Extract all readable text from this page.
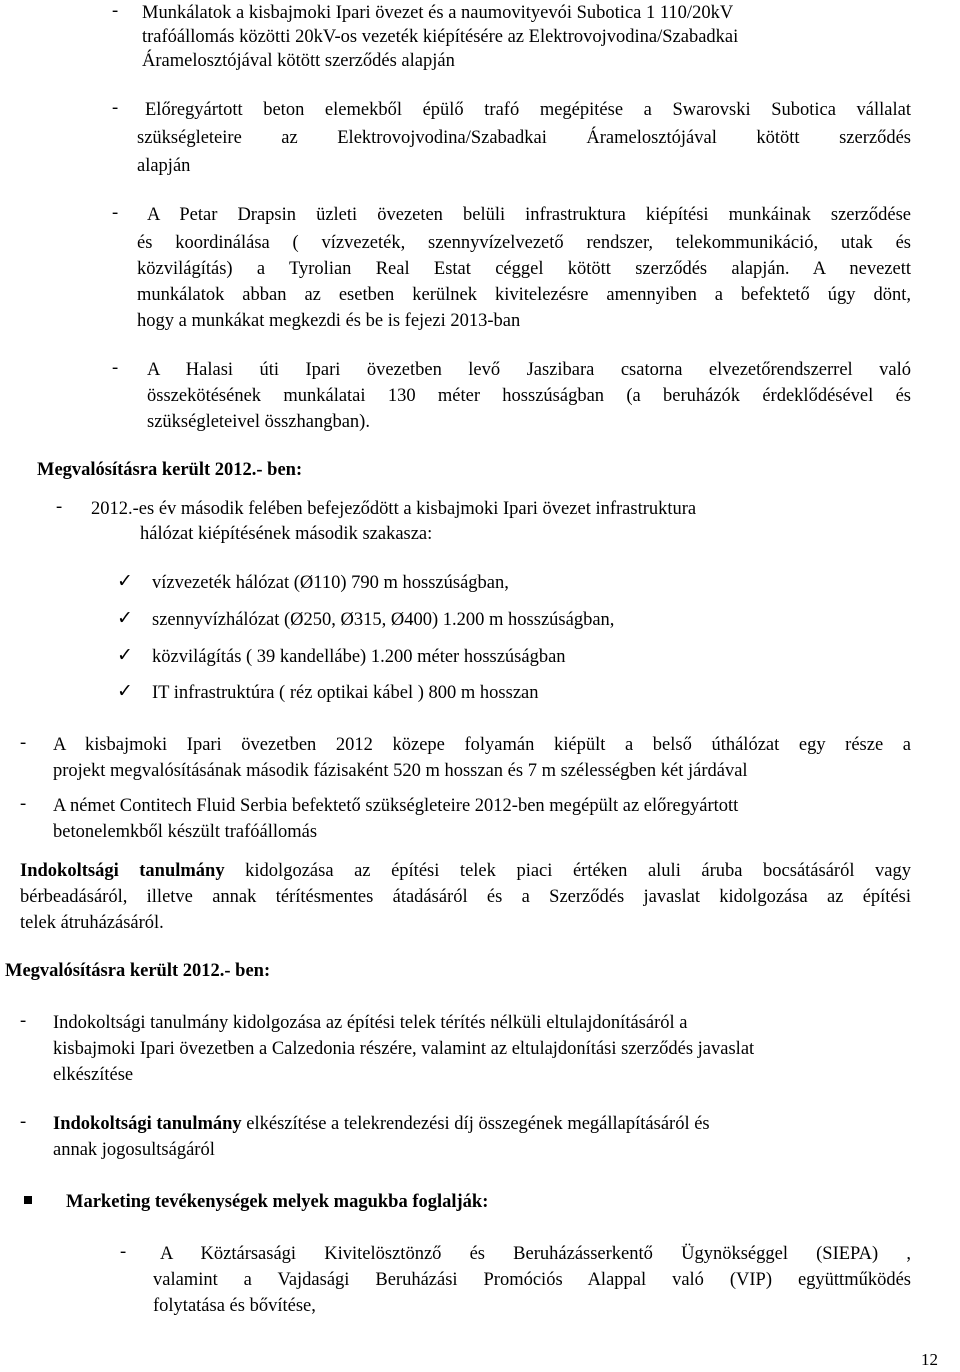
- Munkálatok a kisbajmoki Ipari övezet és a naumovityevói Subotica 1 110/20kV
trafóállomás közötti 20kV-os vezeték kiépítésére az Elektrovojvodina/Szabadkai
Áramelosztójával kötött szerződés alapján
- Előregyártott beton elemekből épülő trafó megépitése a Swarovski Subotica vállalat
szükségleteire az Elektrovojvodina/Szabadkai Áramelosztójával kötött szerződés
alapján
- A Petar Drapsin üzleti övezeten belüli infrastruktura kiépítési munkáinak szerződése
és koordinálása ( vízvezeték, szennyvízelvezető rendszer, telekommunikáció, utak és
közvilágítás) a Tyrolian Real Estat céggel kötött szerződés alapján. A nevezett
munkálatok abban az esetben kerülnek kivitelezésre amennyiben a befektető úgy dönt,
hogy a munkákat megkezdi és be is fejezi 2013-ban
- A Halasi úti Ipari övezetben levő Jaszibara csatorna elvezetőrendszerrel való
összekötésének munkálatai 130 méter hosszúságban (a beruházók érdeklődésével és
szükségleteivel összhangban).
Megvalósításra került 2012.- ben:
- 2012.-es év második felében befejeződött a kisbajmoki Ipari övezet infrastruktura
hálózat kiépítésének második szakasza:
✓ vízvezeték hálózat (Ø110) 790 m hosszúságban,
✓ szennyvízhálózat (Ø250, Ø315, Ø400) 1.200 m hosszúságban,
✓ közvilágítás ( 39 kandellábe) 1.200 méter hosszúságban
✓ IT infrastruktúra ( réz optikai kábel ) 800 m hosszan
- A kisbajmoki Ipari övezetben 2012 közepe folyamán kiépült a belső úthálózat egy része a
projekt megvalósításának második fázisaként 520 m hosszan és 7 m szélességben két járdával
- A német Contitech Fluid Serbia befektető szükségleteire 2012-ben megépült az előregyártott
betonelemkből készült trafóállomás
Indokoltsági tanulmány kidolgozása az építési telek piaci értéken aluli áruba bocsátásáról vagy
bérbeadásáról, illetve annak térítésmentes átadásáról és a Szerződés javaslat kidolgozása az építési
telek átruházásáról.
Megvalósításra került 2012.- ben:
- Indokoltsági tanulmány kidolgozása az építési telek térítés nélküli eltulajdonításáról a
kisbajmoki Ipari övezetben a Calzedonia részére, valamint az eltulajdonítási szerződés javaslat
elkészítése
- Indokoltsági tanulmány elkészítése a telekrendezési díj összegének megállapításáról és
annak jogosultságáról
Marketing tevékenységek melyek magukba foglalják:
- A Köztársasági Kivitelösztönző és Beruházásserkentő Ügynökséggel (SIEPA) ,
valamint a Vajdasági Beruházási Promóciós Alappal való (VIP) együttműködés
folytatása és bővítése,
12
